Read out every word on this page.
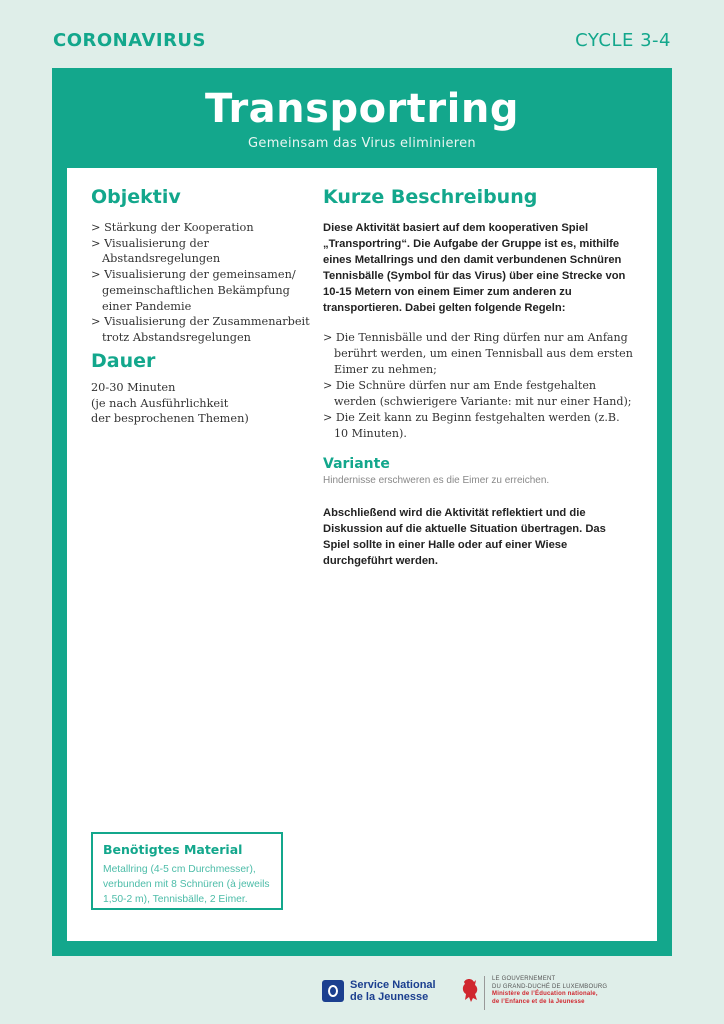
CORONAVIRUS	CYCLE 3-4
Transportring
Gemeinsam das Virus eliminieren
Objektiv
> Stärkung der Kooperation
> Visualisierung der Abstandsregelungen
> Visualisierung der gemeinsamen/ gemeinschaftlichen Bekämpfung einer Pandemie
> Visualisierung der Zusammenarbeit trotz Abstandsregelungen
Dauer
20-30 Minuten
(je nach Ausführlichkeit
der besprochenen Themen)
Kurze Beschreibung
Diese Aktivität basiert auf dem kooperativen Spiel „Transportring“. Die Aufgabe der Gruppe ist es, mithilfe eines Metallrings und den damit verbundenen Schnüren Tennisbälle (Symbol für das Virus) über eine Strecke von 10-15 Metern von einem Eimer zum anderen zu transportieren. Dabei gelten folgende Regeln:
> Die Tennisbälle und der Ring dürfen nur am Anfang berührt werden, um einen Tennisball aus dem ersten Eimer zu nehmen;
> Die Schnüre dürfen nur am Ende festgehalten werden (schwierigere Variante: mit nur einer Hand);
> Die Zeit kann zu Beginn festgehalten werden (z.B. 10 Minuten).
Variante
Hindernisse erschweren es die Eimer zu erreichen.
Abschließend wird die Aktivität reflektiert und die Diskussion auf die aktuelle Situation übertragen. Das Spiel sollte in einer Halle oder auf einer Wiese durchgeführt werden.
Benötigtes Material

Metallring (4-5 cm Durchmesser), verbunden mit 8 Schnüren (à jeweils 1,50-2 m), Tennisbälle, 2 Eimer.

Service National
de la Jeunesse
LE GOUVERNEMENT
DU GRAND-DUCHÉ DE LUXEMBOURG
Ministère de l’Éducation nationale,
de l’Enfance et de la Jeunesse
